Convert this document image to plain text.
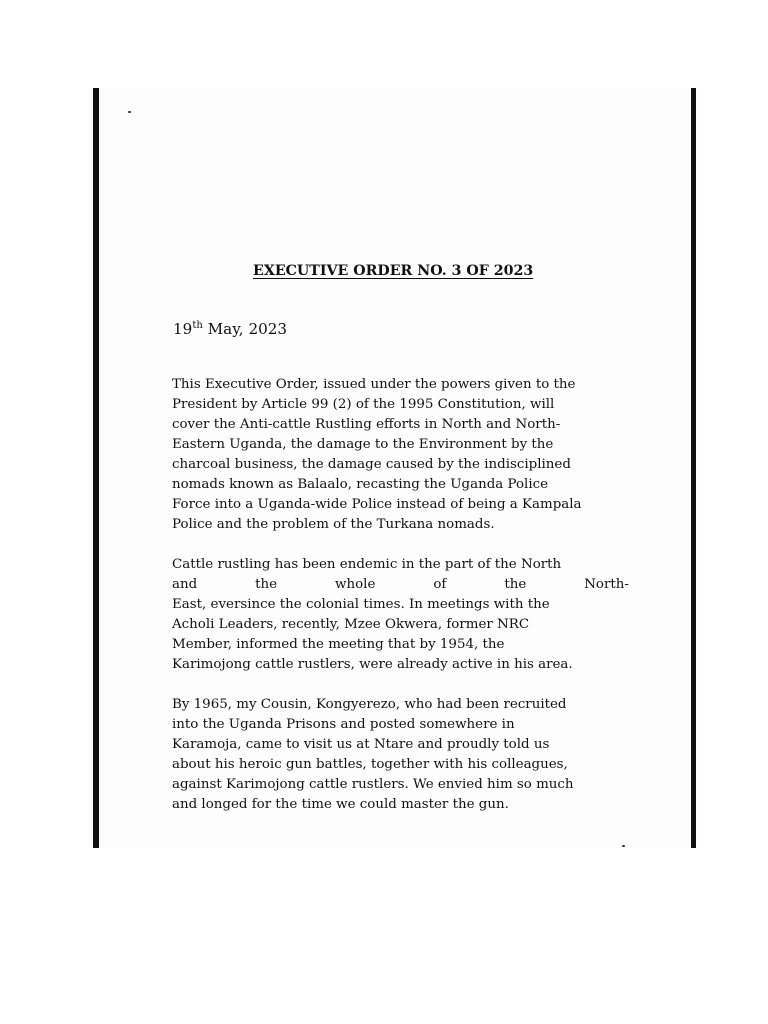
EXECUTIVE ORDER NO. 3 OF 2023

19th May, 2023

This Executive Order, issued under the powers given to the
President by Article 99 (2) of the 1995 Constitution, will
cover the Anti-cattle Rustling efforts in North and North-
Eastern Uganda, the damage to the Environment by the
charcoal business, the damage caused by the indisciplined
nomads known as Balaalo, recasting the Uganda Police
Force into a Uganda-wide Police instead of being a Kampala
Police and the problem of the Turkana nomads.
Cattle rustling has been endemic in the part of the North
and	the	whole	of	the	North-
East, eversince the colonial times. In meetings with the
Acholi Leaders, recently, Mzee Okwera, former NRC
Member, informed the meeting that by 1954, the
Karimojong cattle rustlers, were already active in his area.
By 1965, my Cousin, Kongyerezo, who had been recruited
into the Uganda Prisons and posted somewhere in
Karamoja, came to visit us at Ntare and proudly told us
about his heroic gun battles, together with his colleagues,
against Karimojong cattle rustlers. We envied him so much
and longed for the time we could master the gun.
